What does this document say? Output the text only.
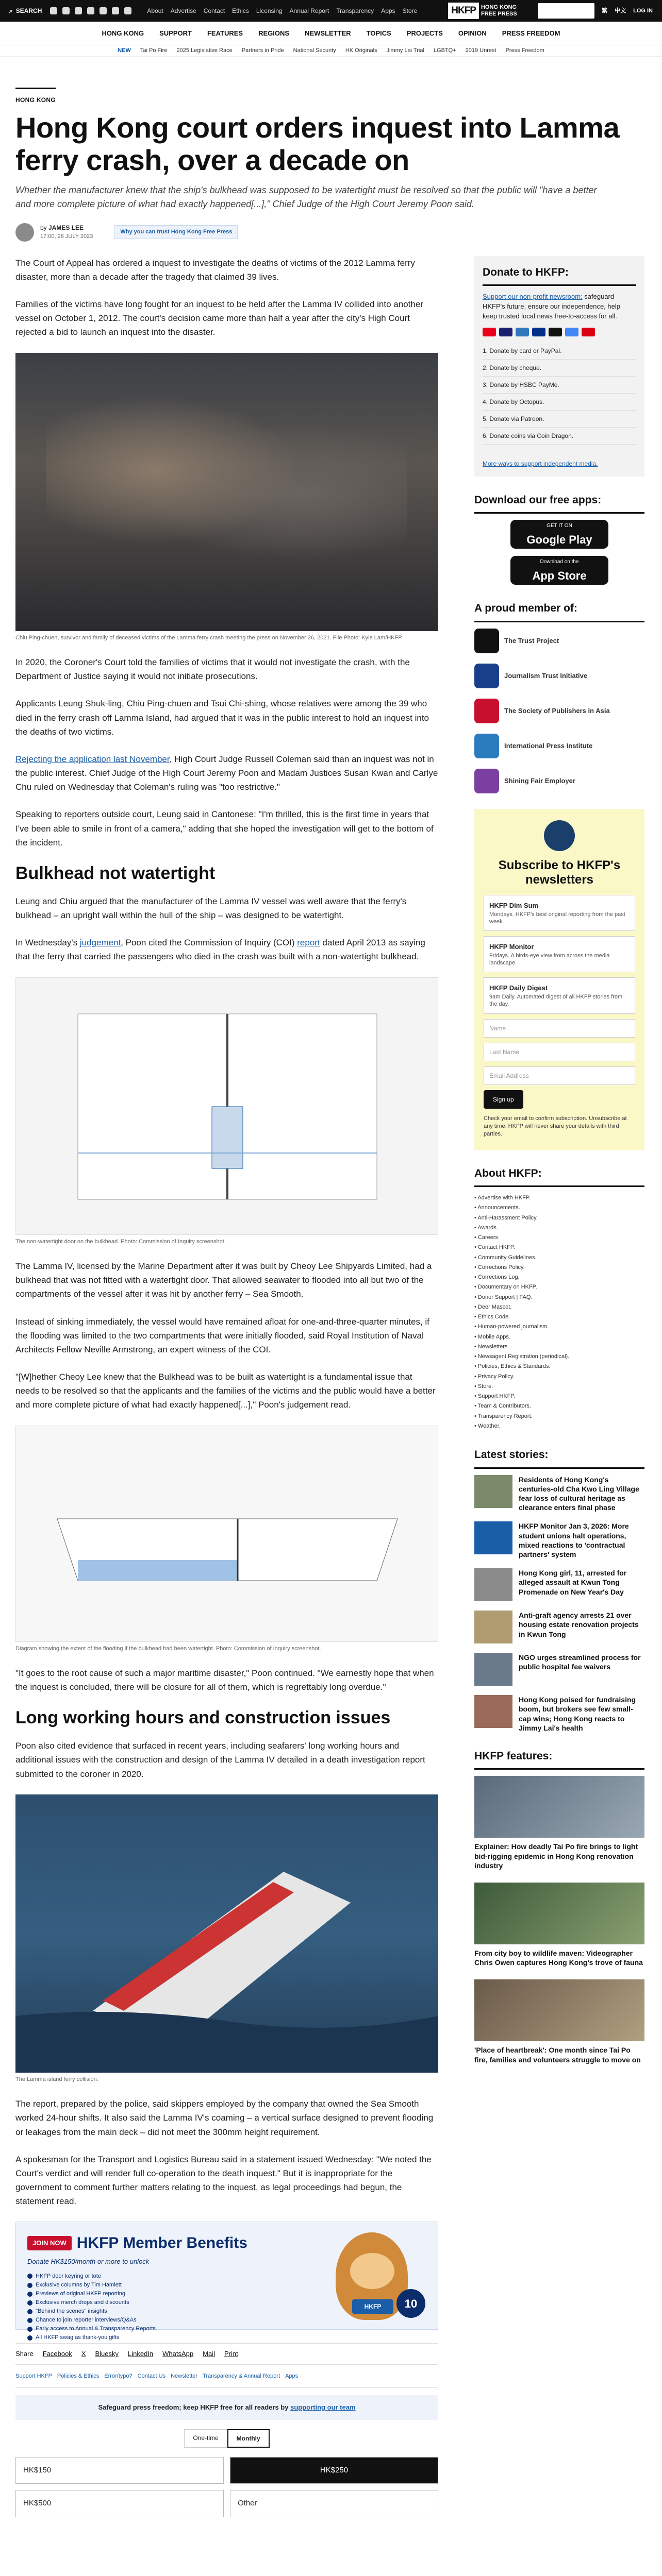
⌕ SEARCH	About Advertise Contact Ethics Licensing Annual Report Transparency Apps Store	HKFP HONG KONG
FREE PRESS
SUPPORT HKFP	繁 中文 LOG IN
HONG KONG SUPPORT FEATURES REGIONS NEWSLETTER TOPICS PROJECTS OPINION PRESS FREEDOM
NEW Tai Po Fire 2025 Legislative Race Partners in Pride National Security HK Originals Jimmy Lai Trial LGBTQ+ 2019 Unrest Press Freedom
HONG KONG
Hong Kong court orders inquest into Lamma ferry crash, over a decade on

Whether the manufacturer knew that the ship's bulkhead was supposed to be watertight must be resolved so that the public will "have a better and more complete picture of what had exactly happened[...]," Chief Judge of the High Court Jeremy Poon said.

by JAMES LEE
17:00, 26 JULY 2023
Why you can trust Hong Kong Free Press

The Court of Appeal has ordered a inquest to investigate the deaths of victims of the 2012 Lamma ferry disaster, more than a decade after the tragedy that claimed 39 lives.

Families of the victims have long fought for an inquest to be held after the Lamma IV collided into another vessel on October 1, 2012. The court's decision came more than half a year after the city's High Court rejected a bid to launch an inquest into the disaster.

Chiu Ping-chuen, survivor and family of deceased victims of the Lamma ferry crash meeting the press on November 26, 2021. File Photo: Kyle Lam/HKFP.

In 2020, the Coroner's Court told the families of victims that it would not investigate the crash, with the Department of Justice saying it would not initiate prosecutions.

Applicants Leung Shuk-ling, Chiu Ping-chuen and Tsui Chi-shing, whose relatives were among the 39 who died in the ferry crash off Lamma Island, had argued that it was in the public interest to hold an inquest into the deaths of two victims.

Rejecting the application last November, High Court Judge Russell Coleman said than an inquest was not in the public interest. Chief Judge of the High Court Jeremy Poon and Madam Justices Susan Kwan and Carlye Chu ruled on Wednesday that Coleman's ruling was "too restrictive."

Speaking to reporters outside court, Leung said in Cantonese: "I'm thrilled, this is the first time in years that I've been able to smile in front of a camera," adding that she hoped the investigation will get to the bottom of the incident.

Bulkhead not watertight

Leung and Chiu argued that the manufacturer of the Lamma IV vessel was well aware that the ferry's bulkhead – an upright wall within the hull of the ship – was designed to be watertight.

In Wednesday's judgement, Poon cited the Commission of Inquiry (COI) report dated April 2013 as saying that the ferry that carried the passengers who died in the crash was built with a non-watertight bulkhead.

The non-watertight door on the bulkhead. Photo: Commission of Inquiry screenshot.

The Lamma IV, licensed by the Marine Department after it was built by Cheoy Lee Shipyards Limited, had a bulkhead that was not fitted with a watertight door. That allowed seawater to flooded into all but two of the compartments of the vessel after it was hit by another ferry – Sea Smooth.

Instead of sinking immediately, the vessel would have remained afloat for one-and-three-quarter minutes, if the flooding was limited to the two compartments that were initially flooded, said Royal Institution of Naval Architects Fellow Neville Armstrong, an expert witness of the COI.

"[W]hether Cheoy Lee knew that the Bulkhead was to be built as watertight is a fundamental issue that needs to be resolved so that the applicants and the families of the victims and the public would have a better and more complete picture of what had exactly happened[...]," Poon's judgement read.

Diagram showing the extent of the flooding if the bulkhead had been watertight. Photo: Commission of Inquiry screenshot.

"It goes to the root cause of such a major maritime disaster," Poon continued. "We earnestly hope that when the inquest is concluded, there will be closure for all of them, which is regrettably long overdue."

Long working hours and construction issues

Poon also cited evidence that surfaced in recent years, including seafarers' long working hours and additional issues with the construction and design of the Lamma IV detailed in a death investigation report submitted to the coroner in 2020.

The Lamma island ferry collision.

The report, prepared by the police, said skippers employed by the company that owned the Sea Smooth worked 24-hour shifts. It also said the Lamma IV's coaming – a vertical surface designed to prevent flooding or leakages from the main deck – did not meet the 300mm height requirement.

A spokesman for the Transport and Logistics Bureau said in a statement issued Wednesday: "We noted the Court's verdict and will render full co-operation to the death inquest." But it is inappropriate for the government to comment further matters relating to the inquest, as legal proceedings had begun, the statement read.

JOIN NOW HKFP Member Benefits
Donate HK$150/month or more to unlock
HKFP door keyring or tote
Exclusive columns by Tim Hamlett
Previews of original HKFP reporting
Exclusive merch drops and discounts
"Behind the scenes" insights
Chance to join reporter interviews/Q&As
Early access to Annual & Transparency Reports
All HKFP swag as thank-you gifts
HKFP	10
Share Facebook X Bluesky LinkedIn WhatsApp Mail Print
Support HKFP Policies & Ethics Error/typo? Contact Us Newsletter Transparency & Annual Report Apps
Safeguard press freedom; keep HKFP free for all readers by supporting our team
One-time	Monthly
HK$150	HK$250
HK$500	Other
Donate to HKFP:

Support our non-profit newsroom: safeguard HKFP's future, ensure our independence, help keep trusted local news free-to-access for all.

1. Donate by card or PayPal.
2. Donate by cheque.
3. Donate by HSBC PayMe.
4. Donate by Octopus.
5. Donate via Patreon.
6. Donate coins via Coin Dragon.
More ways to support independent media.
Download our free apps:
GET IT ON
Google Play
Download on the
App Store
A proud member of:
The Trust Project
Journalism Trust Initiative
The Society of Publishers in Asia
International Press Institute
Shining Fair Employer
Subscribe to HKFP's newsletters
HKFP Dim Sum
Mondays. HKFP's best original reporting from the past week.
HKFP Monitor
Fridays. A birds-eye view from across the media landscape.
HKFP Daily Digest
9am Daily. Automated digest of all HKFP stories from the day.
Name
Last Name
Email Address
Sign up
Check your email to confirm subscription. Unsubscribe at any time. HKFP will never share your details with third parties.
About HKFP:
• Advertise with HKFP.
• Announcements.
• Anti-Harassment Policy.
• Awards.
• Careers.
• Contact HKFP.
• Community Guidelines.
• Corrections Policy.
• Corrections Log.
• Documentary on HKFP.
• Donor Support | FAQ.
• Deer Mascot.
• Ethics Code.
• Human-powered journalism.
• Mobile Apps.
• Newsletters.
• Newsagent Registration (periodical).
• Policies, Ethics & Standards.
• Privacy Policy.
• Store.
• Support HKFP.
• Team & Contributors.
• Transparency Report.
• Weather.
Latest stories:
Residents of Hong Kong's centuries-old Cha Kwo Ling Village fear loss of cultural heritage as clearance enters final phase
HKFP Monitor Jan 3, 2026: More student unions halt operations, mixed reactions to 'contractual partners' system
Hong Kong girl, 11, arrested for alleged assault at Kwun Tong Promenade on New Year's Day
Anti-graft agency arrests 21 over housing estate renovation projects in Kwun Tong
NGO urges streamlined process for public hospital fee waivers
Hong Kong poised for fundraising boom, but brokers see few small-cap wins; Hong Kong reacts to Jimmy Lai's health
HKFP features:
Explainer: How deadly Tai Po fire brings to light bid-rigging epidemic in Hong Kong renovation industry
From city boy to wildlife maven: Videographer Chris Owen captures Hong Kong's trove of fauna
'Place of heartbreak': One month since Tai Po fire, families and volunteers struggle to move on
